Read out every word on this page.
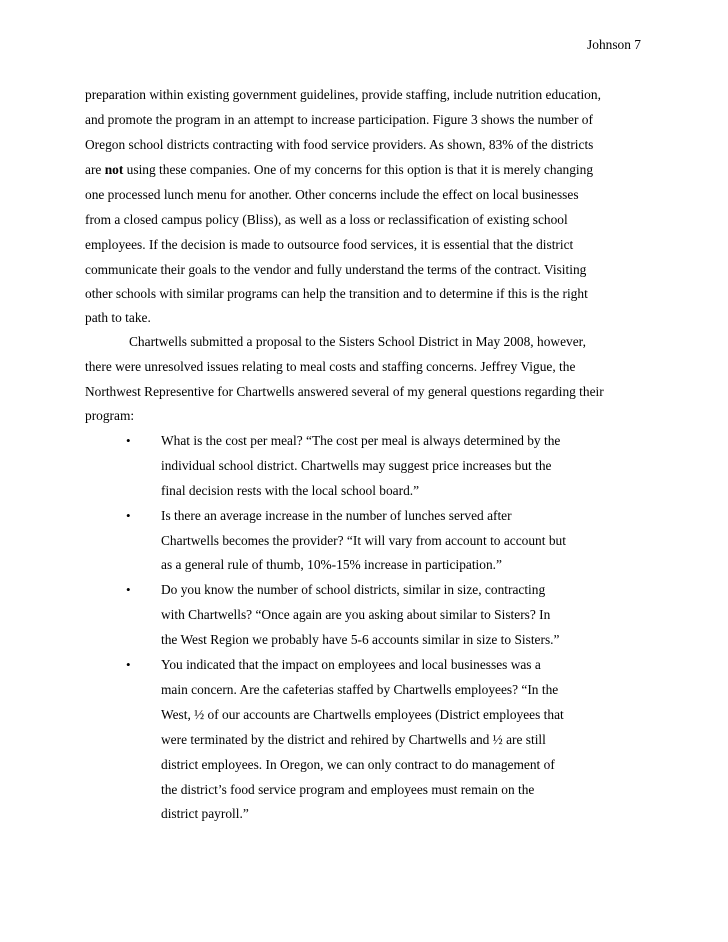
Johnson 7
preparation within existing government guidelines, provide staffing, include nutrition education,
and promote the program in an attempt to increase participation. Figure 3 shows the number of
Oregon school districts contracting with food service providers. As shown, 83% of the districts
are not using these companies. One of my concerns for this option is that it is merely changing
one processed lunch menu for another. Other concerns include the effect on local businesses
from a closed campus policy (Bliss), as well as a loss or reclassification of existing school
employees. If the decision is made to outsource food services, it is essential that the district
communicate their goals to the vendor and fully understand the terms of the contract. Visiting
other schools with similar programs can help the transition and to determine if this is the right
path to take.
Chartwells submitted a proposal to the Sisters School District in May 2008, however,
there were unresolved issues relating to meal costs and staffing concerns. Jeffrey Vigue, the
Northwest Representive for Chartwells answered several of my general questions regarding their
program:
• What is the cost per meal? “The cost per meal is always determined by the
individual school district. Chartwells may suggest price increases but the
final decision rests with the local school board.”
• Is there an average increase in the number of lunches served after
Chartwells becomes the provider? “It will vary from account to account but
as a general rule of thumb, 10%-15% increase in participation.”
• Do you know the number of school districts, similar in size, contracting
with Chartwells? “Once again are you asking about similar to Sisters? In
the West Region we probably have 5-6 accounts similar in size to Sisters.”
• You indicated that the impact on employees and local businesses was a
main concern. Are the cafeterias staffed by Chartwells employees? “In the
West, ½ of our accounts are Chartwells employees (District employees that
were terminated by the district and rehired by Chartwells and ½ are still
district employees. In Oregon, we can only contract to do management of
the district’s food service program and employees must remain on the
district payroll.”
